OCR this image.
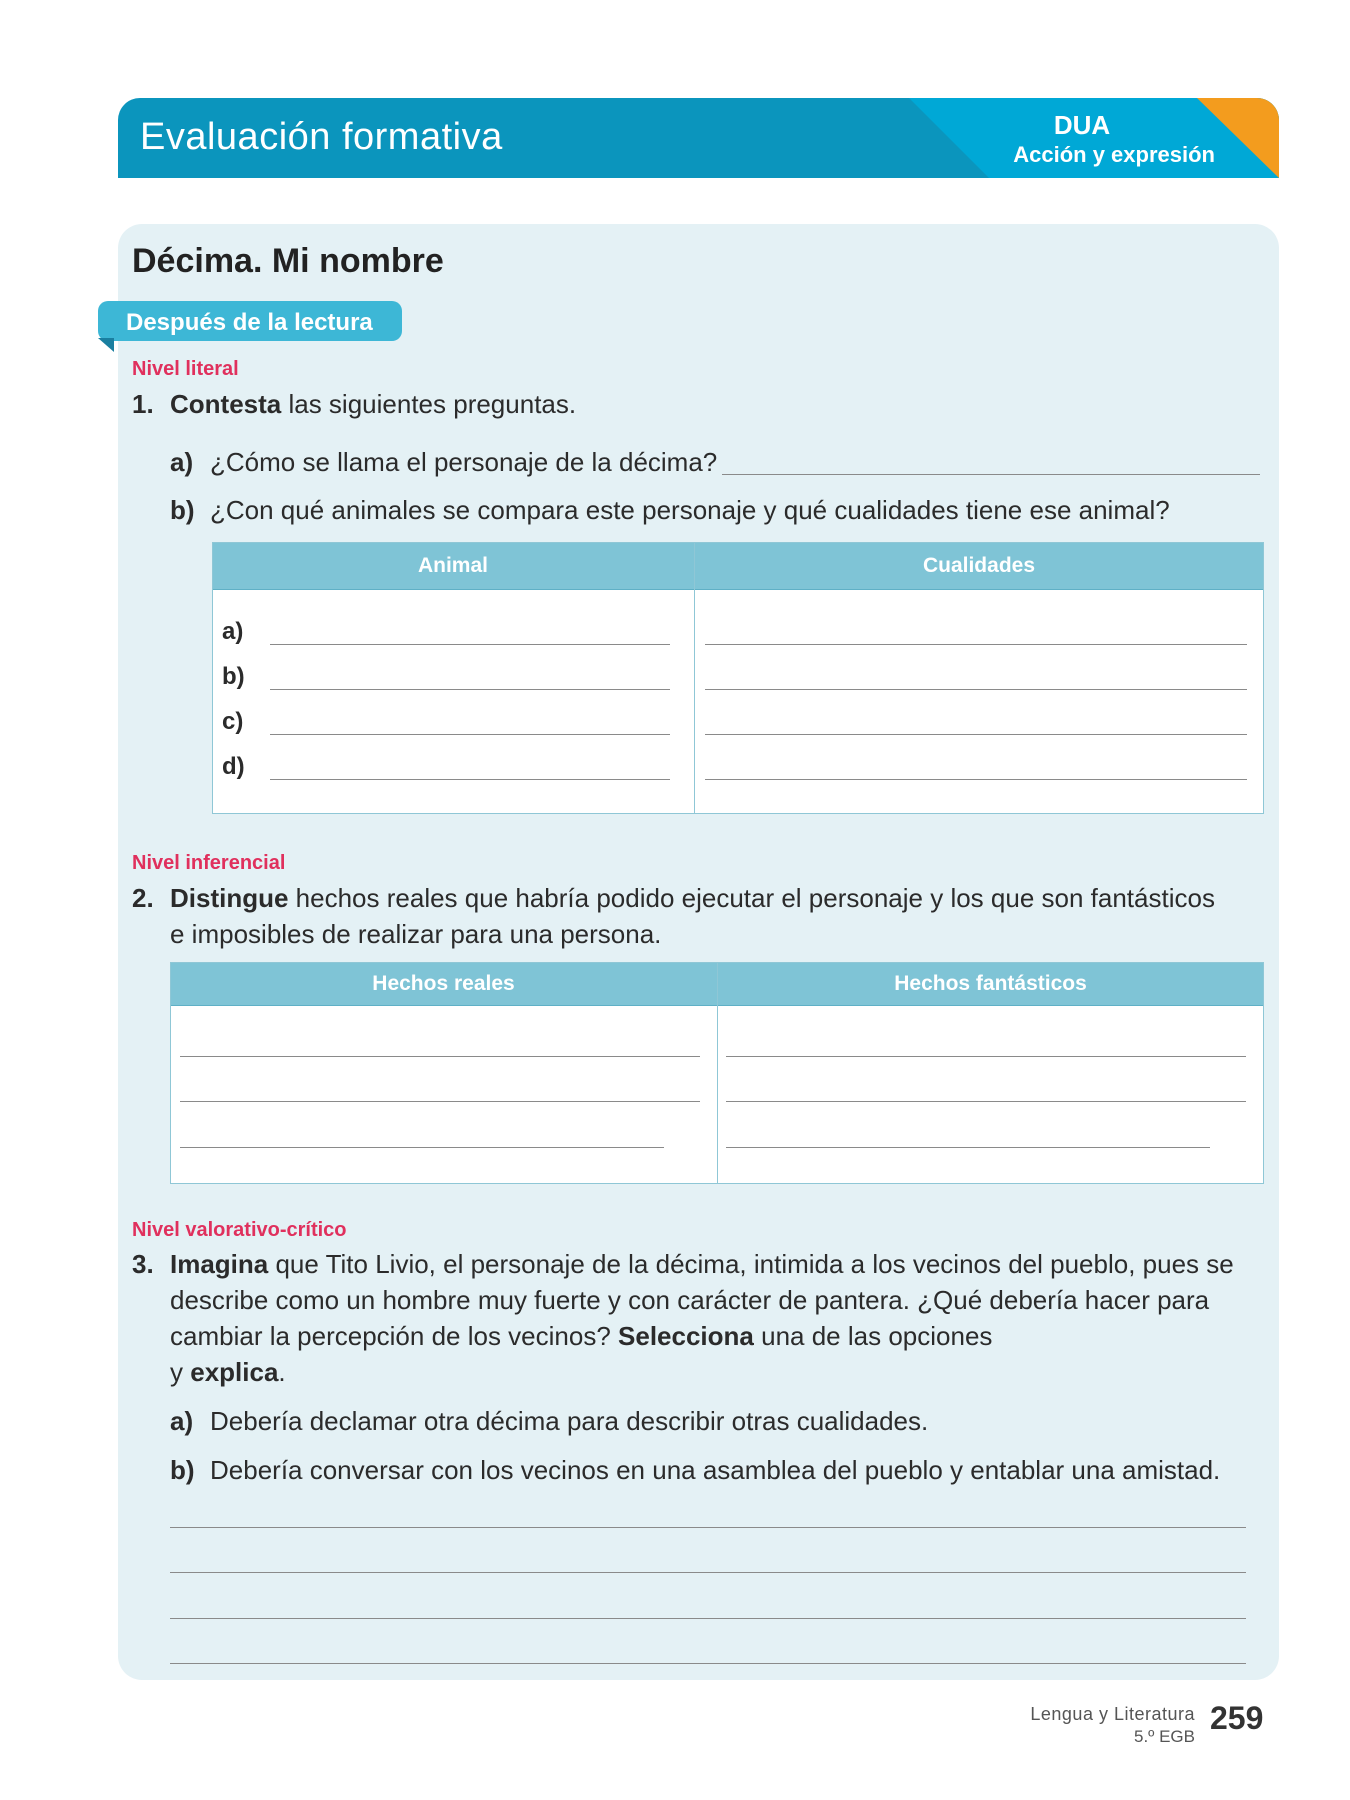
Evaluación formativa	DUA
Acción y expresión
Décima. Mi nombre
Después de la lectura
Nivel literal
1. Contesta las siguientes preguntas.
a) ¿Cómo se llama el personaje de la décima?
b) ¿Con qué animales se compara este personaje y qué cualidades tiene ese animal?
Animal	Cualidades
a)
b)
c)
d)
Nivel inferencial
2. Distingue hechos reales que habría podido ejecutar el personaje y los que son fantásticos
e imposibles de realizar para una persona.
Hechos reales	Hechos fantásticos
Nivel valorativo-crítico
3. Imagina que Tito Livio, el personaje de la décima, intimida a los vecinos del pueblo, pues se
describe como un hombre muy fuerte y con carácter de pantera. ¿Qué debería hacer para
cambiar la percepción de los vecinos? Selecciona una de las opciones
y explica.
a) Debería declamar otra décima para describir otras cualidades.
b) Debería conversar con los vecinos en una asamblea del pueblo y entablar una amistad.
Lengua y Literatura
5.º EGB
259
